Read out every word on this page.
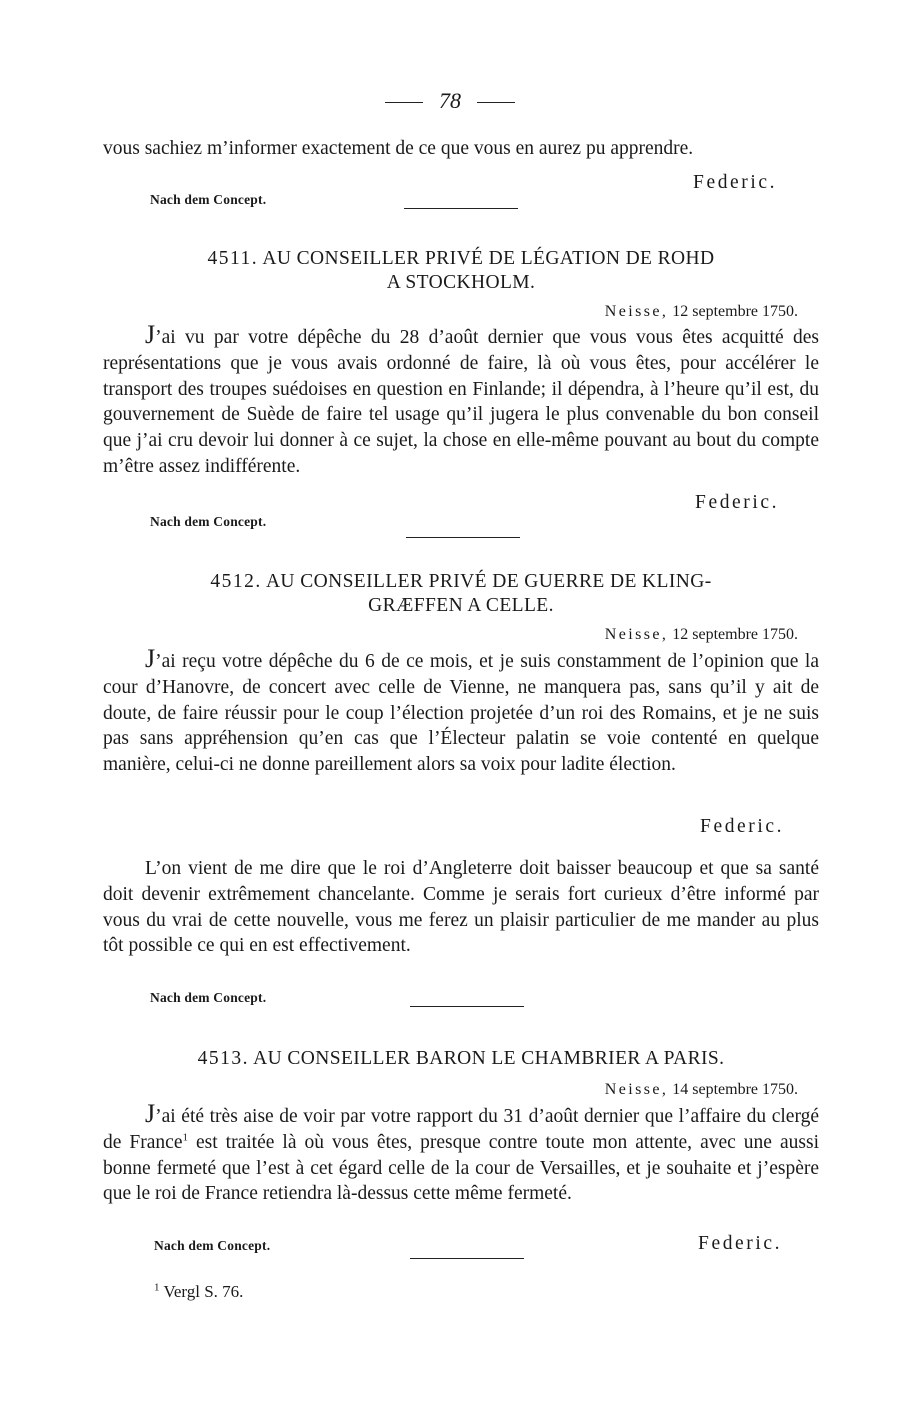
78
vous sachiez m’informer exactement de ce que vous en aurez pu apprendre.
Federic.
Nach dem Concept.
4511. AU CONSEILLER PRIVÉ DE LÉGATION DE ROHD
A STOCKHOLM.
Neisse, 12 septembre 1750.
J’ai vu par votre dépêche du 28 d’août dernier que vous vous êtes acquitté des représentations que je vous avais ordonné de faire, là où vous êtes, pour accélérer le transport des troupes suédoises en question en Finlande; il dépendra, à l’heure qu’il est, du gouvernement de Suède de faire tel usage qu’il jugera le plus convenable du bon conseil que j’ai cru devoir lui donner à ce sujet, la chose en elle-même pouvant au bout du compte m’être assez indifférente.
Federic.
Nach dem Concept.
4512. AU CONSEILLER PRIVÉ DE GUERRE DE KLING-
GRÆFFEN A CELLE.
Neisse, 12 septembre 1750.
J’ai reçu votre dépêche du 6 de ce mois, et je suis constamment de l’opinion que la cour d’Hanovre, de concert avec celle de Vienne, ne manquera pas, sans qu’il y ait de doute, de faire réussir pour le coup l’élection projetée d’un roi des Romains, et je ne suis pas sans appréhension qu’en cas que l’Électeur palatin se voie contenté en quelque manière, celui-ci ne donne pareillement alors sa voix pour ladite élection.
Federic.
L’on vient de me dire que le roi d’Angleterre doit baisser beaucoup et que sa santé doit devenir extrêmement chancelante. Comme je serais fort curieux d’être informé par vous du vrai de cette nouvelle, vous me ferez un plaisir particulier de me mander au plus tôt possible ce qui en est effectivement.
Nach dem Concept.
4513. AU CONSEILLER BARON LE CHAMBRIER A PARIS.
Neisse, 14 septembre 1750.
J’ai été très aise de voir par votre rapport du 31 d’août dernier que l’affaire du clergé de France$^1$ est traitée là où vous êtes, presque contre toute mon attente, avec une aussi bonne fermeté que l’est à cet égard celle de la cour de Versailles, et je souhaite et j’espère que le roi de France retiendra là-dessus cette même fermeté.
Nach dem Concept.	Federic.
$^1$ Vergl S. 76.
